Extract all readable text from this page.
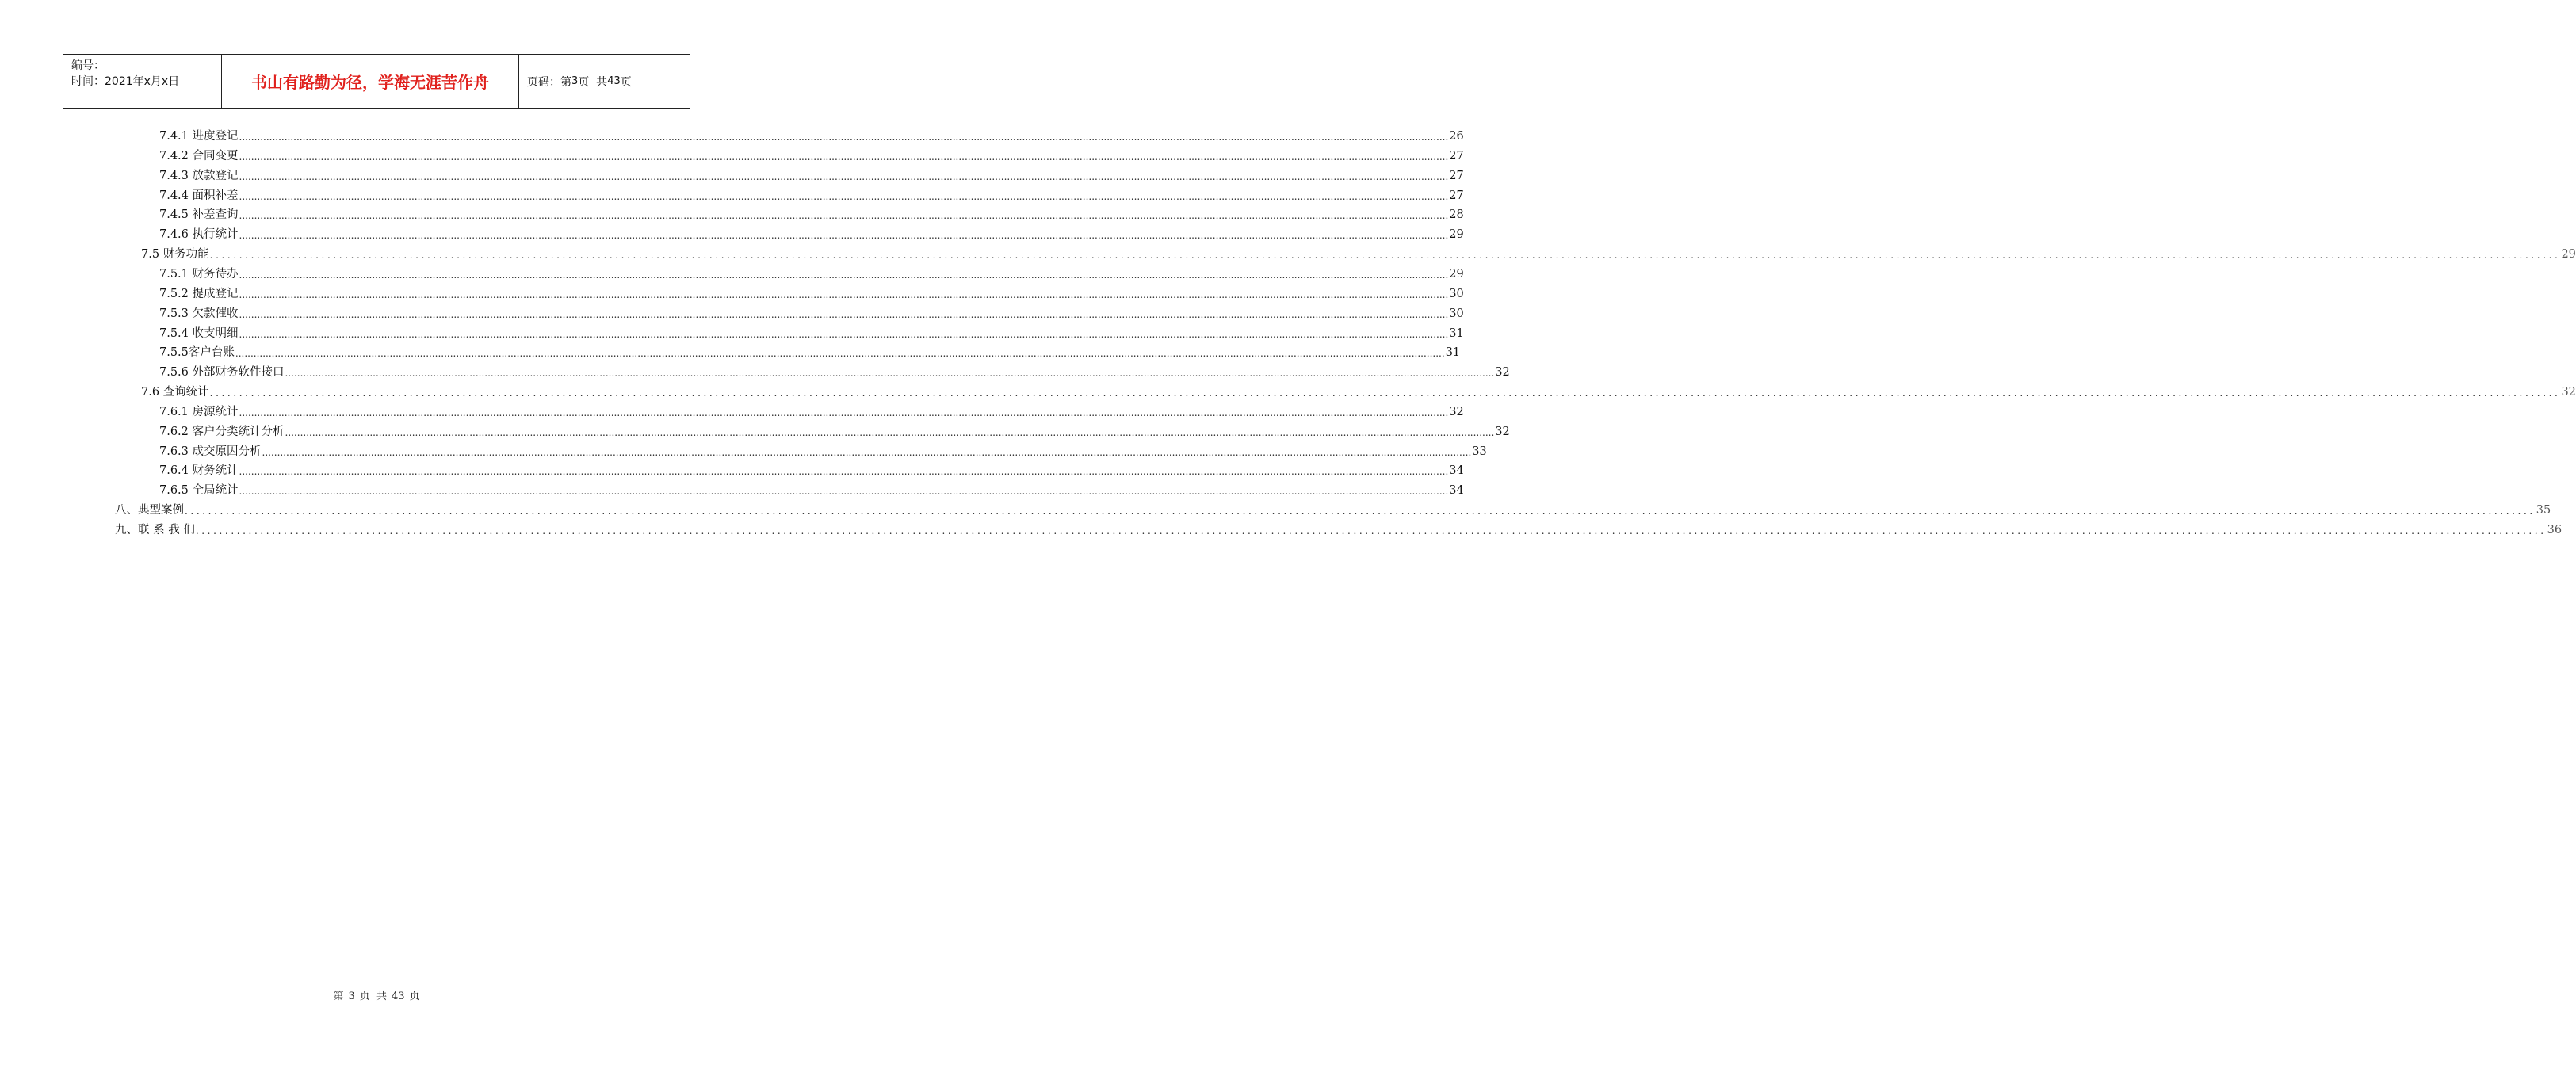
编号：
时间：2021年x月x日	书山有路勤为径，学海无涯苦作舟	页码：第 3 页  共 43 页
7.4.1 进度登记 ................................................................................................................................................................................................................................................................................................................................................................................................................ 26
7.4.2 合同变更 ................................................................................................................................................................................................................................................................................................................................................................................................................ 27
7.4.3 放款登记 ................................................................................................................................................................................................................................................................................................................................................................................................................ 27
7.4.4 面积补差 ................................................................................................................................................................................................................................................................................................................................................................................................................ 27
7.4.5 补差查询 ................................................................................................................................................................................................................................................................................................................................................................................................................ 28
7.4.6 执行统计 ................................................................................................................................................................................................................................................................................................................................................................................................................ 29
7.5 财务功能 ................................................................................................................................................................................................................................................................................................................................................................................................................ 29
7.5.1 财务待办 ................................................................................................................................................................................................................................................................................................................................................................................................................ 29
7.5.2 提成登记 ................................................................................................................................................................................................................................................................................................................................................................................................................ 30
7.5.3 欠款催收 ................................................................................................................................................................................................................................................................................................................................................................................................................ 30
7.5.4 收支明细 ................................................................................................................................................................................................................................................................................................................................................................................................................ 31
7.5.5客户台账 ................................................................................................................................................................................................................................................................................................................................................................................................................ 31
7.5.6 外部财务软件接口 ................................................................................................................................................................................................................................................................................................................................................................................................................ 32
7.6 查询统计 ................................................................................................................................................................................................................................................................................................................................................................................................................ 32
7.6.1 房源统计 ................................................................................................................................................................................................................................................................................................................................................................................................................ 32
7.6.2 客户分类统计分析 ................................................................................................................................................................................................................................................................................................................................................................................................................ 32
7.6.3 成交原因分析 ................................................................................................................................................................................................................................................................................................................................................................................................................ 33
7.6.4 财务统计 ................................................................................................................................................................................................................................................................................................................................................................................................................ 34
7.6.5 全局统计 ................................................................................................................................................................................................................................................................................................................................................................................................................ 34
八、典型案例 ................................................................................................................................................................................................................................................................................................................................................................................................................ 35
九、联 系 我 们 ................................................................................................................................................................................................................................................................................................................................................................................................................ 36
第 3 页  共 43 页
